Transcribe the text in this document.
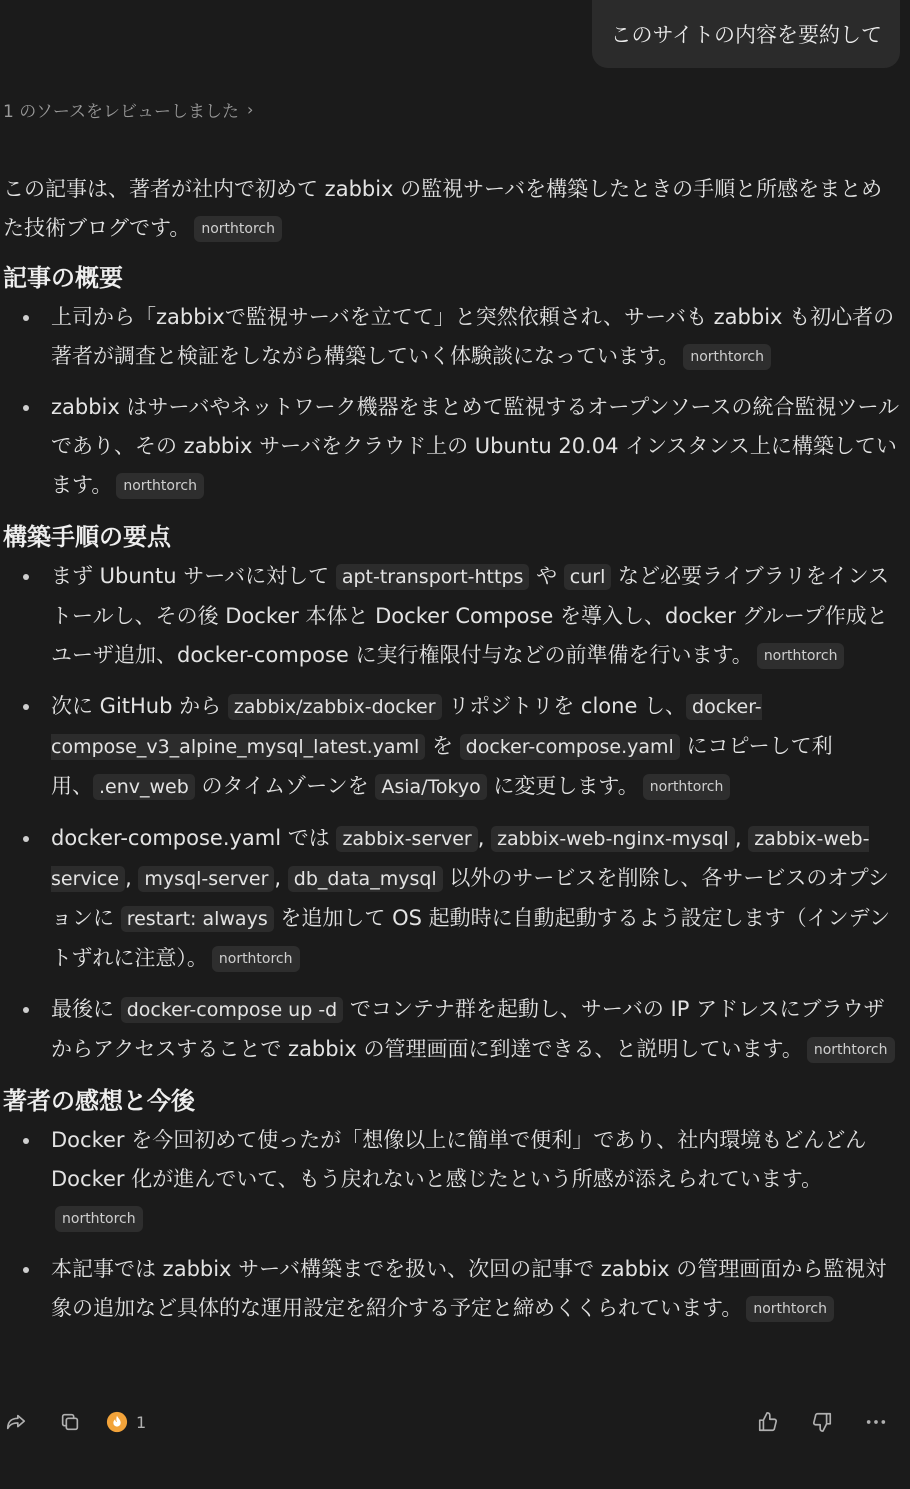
このサイトの内容を要約して
1 のソースをレビューしました ›

この記事は、著者が社内で初めて zabbix の監視サーバを構築したときの手順と所感をまとめた技術ブログです。 northtorch

記事の概要
上司から「zabbixで監視サーバを立てて」と突然依頼され、サーバも zabbix も初心者の著者が調査と検証をしながら構築していく体験談になっています。 northtorch
zabbix はサーバやネットワーク機器をまとめて監視するオープンソースの統合監視ツールであり、その zabbix サーバをクラウド上の Ubuntu 20.04 インスタンス上に構築しています。 northtorch
構築手順の要点
まず Ubuntu サーバに対して apt-transport-https や curl など必要ライブラリをインストールし、その後 Docker 本体と Docker Compose を導入し、docker グループ作成とユーザ追加、docker-compose に実行権限付与などの前準備を行います。 northtorch
次に GitHub から zabbix/zabbix-docker リポジトリを clone し、 docker-compose_v3_alpine_mysql_latest.yaml を docker-compose.yaml にコピーして利用、 .env_web のタイムゾーンを Asia/Tokyo に変更します。 northtorch
docker-compose.yaml では zabbix-server , zabbix-web-nginx-mysql , zabbix-web-service , mysql-server , db_data_mysql 以外のサービスを削除し、各サービスのオプションに restart: always を追加して OS 起動時に自動起動するよう設定します（インデントずれに注意）。 northtorch
最後に docker-compose up -d でコンテナ群を起動し、サーバの IP アドレスにブラウザからアクセスすることで zabbix の管理画面に到達できる、と説明しています。 northtorch
著者の感想と今後
Docker を今回初めて使ったが「想像以上に簡単で便利」であり、社内環境もどんどん Docker 化が進んでいて、もう戻れないと感じたという所感が添えられています。northtorch
本記事では zabbix サーバ構築までを扱い、次回の記事で zabbix の管理画面から監視対象の追加など具体的な運用設定を紹介する予定と締めくくられています。 northtorch
1
